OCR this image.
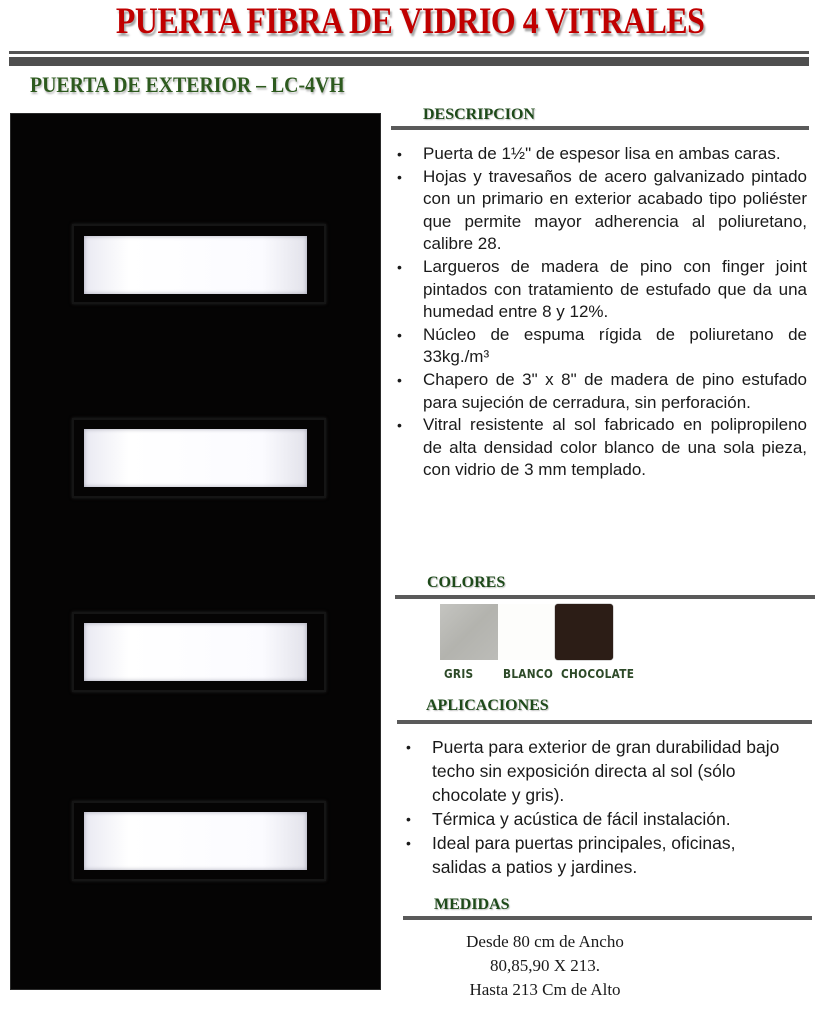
PUERTA FIBRA DE VIDRIO 4 VITRALES
PUERTA DE EXTERIOR – LC-4VH
DESCRIPCION
• Puerta de 1½" de espesor lisa en ambas caras.
• Hojas y travesaños de acero galvanizado pintado con un primario en exterior acabado tipo poliéster que permite mayor adherencia al poliuretano, calibre 28.
• Largueros de madera de pino con finger joint pintados con tratamiento de estufado que da una humedad entre 8 y 12%.
• Núcleo de espuma rígida de poliuretano de 33kg./m³
• Chapero de 3" x 8" de madera de pino estufado para sujeción de cerradura, sin perforación.
• Vitral resistente al sol fabricado en polipropileno de alta densidad color blanco de una sola pieza, con vidrio de 3 mm templado.
COLORES
GRIS	BLANCO CHOCOLATE
APLICACIONES
• Puerta para exterior de gran durabilidad bajo techo sin exposición directa al sol (sólo chocolate y gris).
• Térmica y acústica de fácil instalación.
• Ideal para puertas principales, oficinas, salidas a patios y jardines.
MEDIDAS
Desde 80 cm de Ancho
80,85,90 X 213.
Hasta 213 Cm de Alto
